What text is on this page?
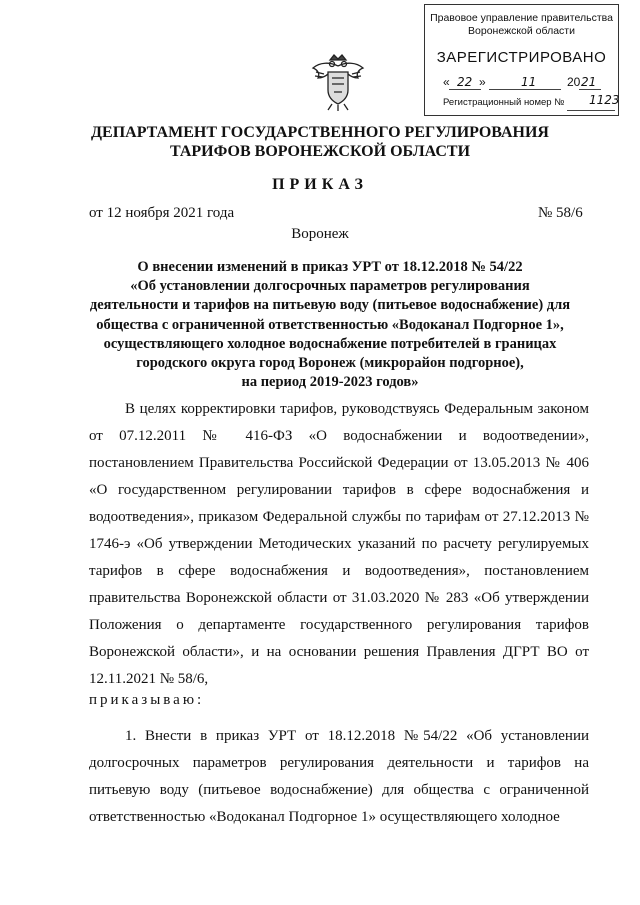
Правовое управление правительства
Воронежской области
ЗАРЕГИСТРИРОВАНО
« 22 »	11	20 21
Регистрационный номер № 1123
ДЕПАРТАМЕНТ ГОСУДАРСТВЕННОГО РЕГУЛИРОВАНИЯ
ТАРИФОВ ВОРОНЕЖСКОЙ ОБЛАСТИ
ПРИКАЗ
от 12 ноября 2021 года	№ 58/6
Воронеж
О внесении изменений в приказ УРТ от 18.12.2018 № 54/22
«Об установлении долгосрочных параметров регулирования
деятельности и тарифов на питьевую воду (питьевое водоснабжение) для
общества с ограниченной ответственностью «Водоканал Подгорное 1»,
осуществляющего холодное водоснабжение потребителей в границах
городского округа город Воронеж (микрорайон подгорное),
на период 2019-2023 годов»
В целях корректировки тарифов, руководствуясь Федеральным законом от 07.12.2011 № 416-ФЗ «О водоснабжении и водоотведении», постановлением Правительства Российской Федерации от 13.05.2013 № 406 «О государственном регулировании тарифов в сфере водоснабжения и водоотведения», приказом Федеральной службы по тарифам от 27.12.2013 № 1746-э «Об утверждении Методических указаний по расчету регулируемых тарифов в сфере водоснабжения и водоотведения», постановлением правительства Воронежской области от 31.03.2020 № 283 «Об утверждении Положения о департаменте государственного регулирования тарифов Воронежской области», и на основании решения Правления ДГРТ ВО от 12.11.2021 № 58/6,
приказываю:
1. Внести в приказ УРТ от 18.12.2018 №54/22 «Об установлении долгосрочных параметров регулирования деятельности и тарифов на питьевую воду (питьевое водоснабжение) для общества с ограниченной ответственностью «Водоканал Подгорное 1» осуществляющего холодное
